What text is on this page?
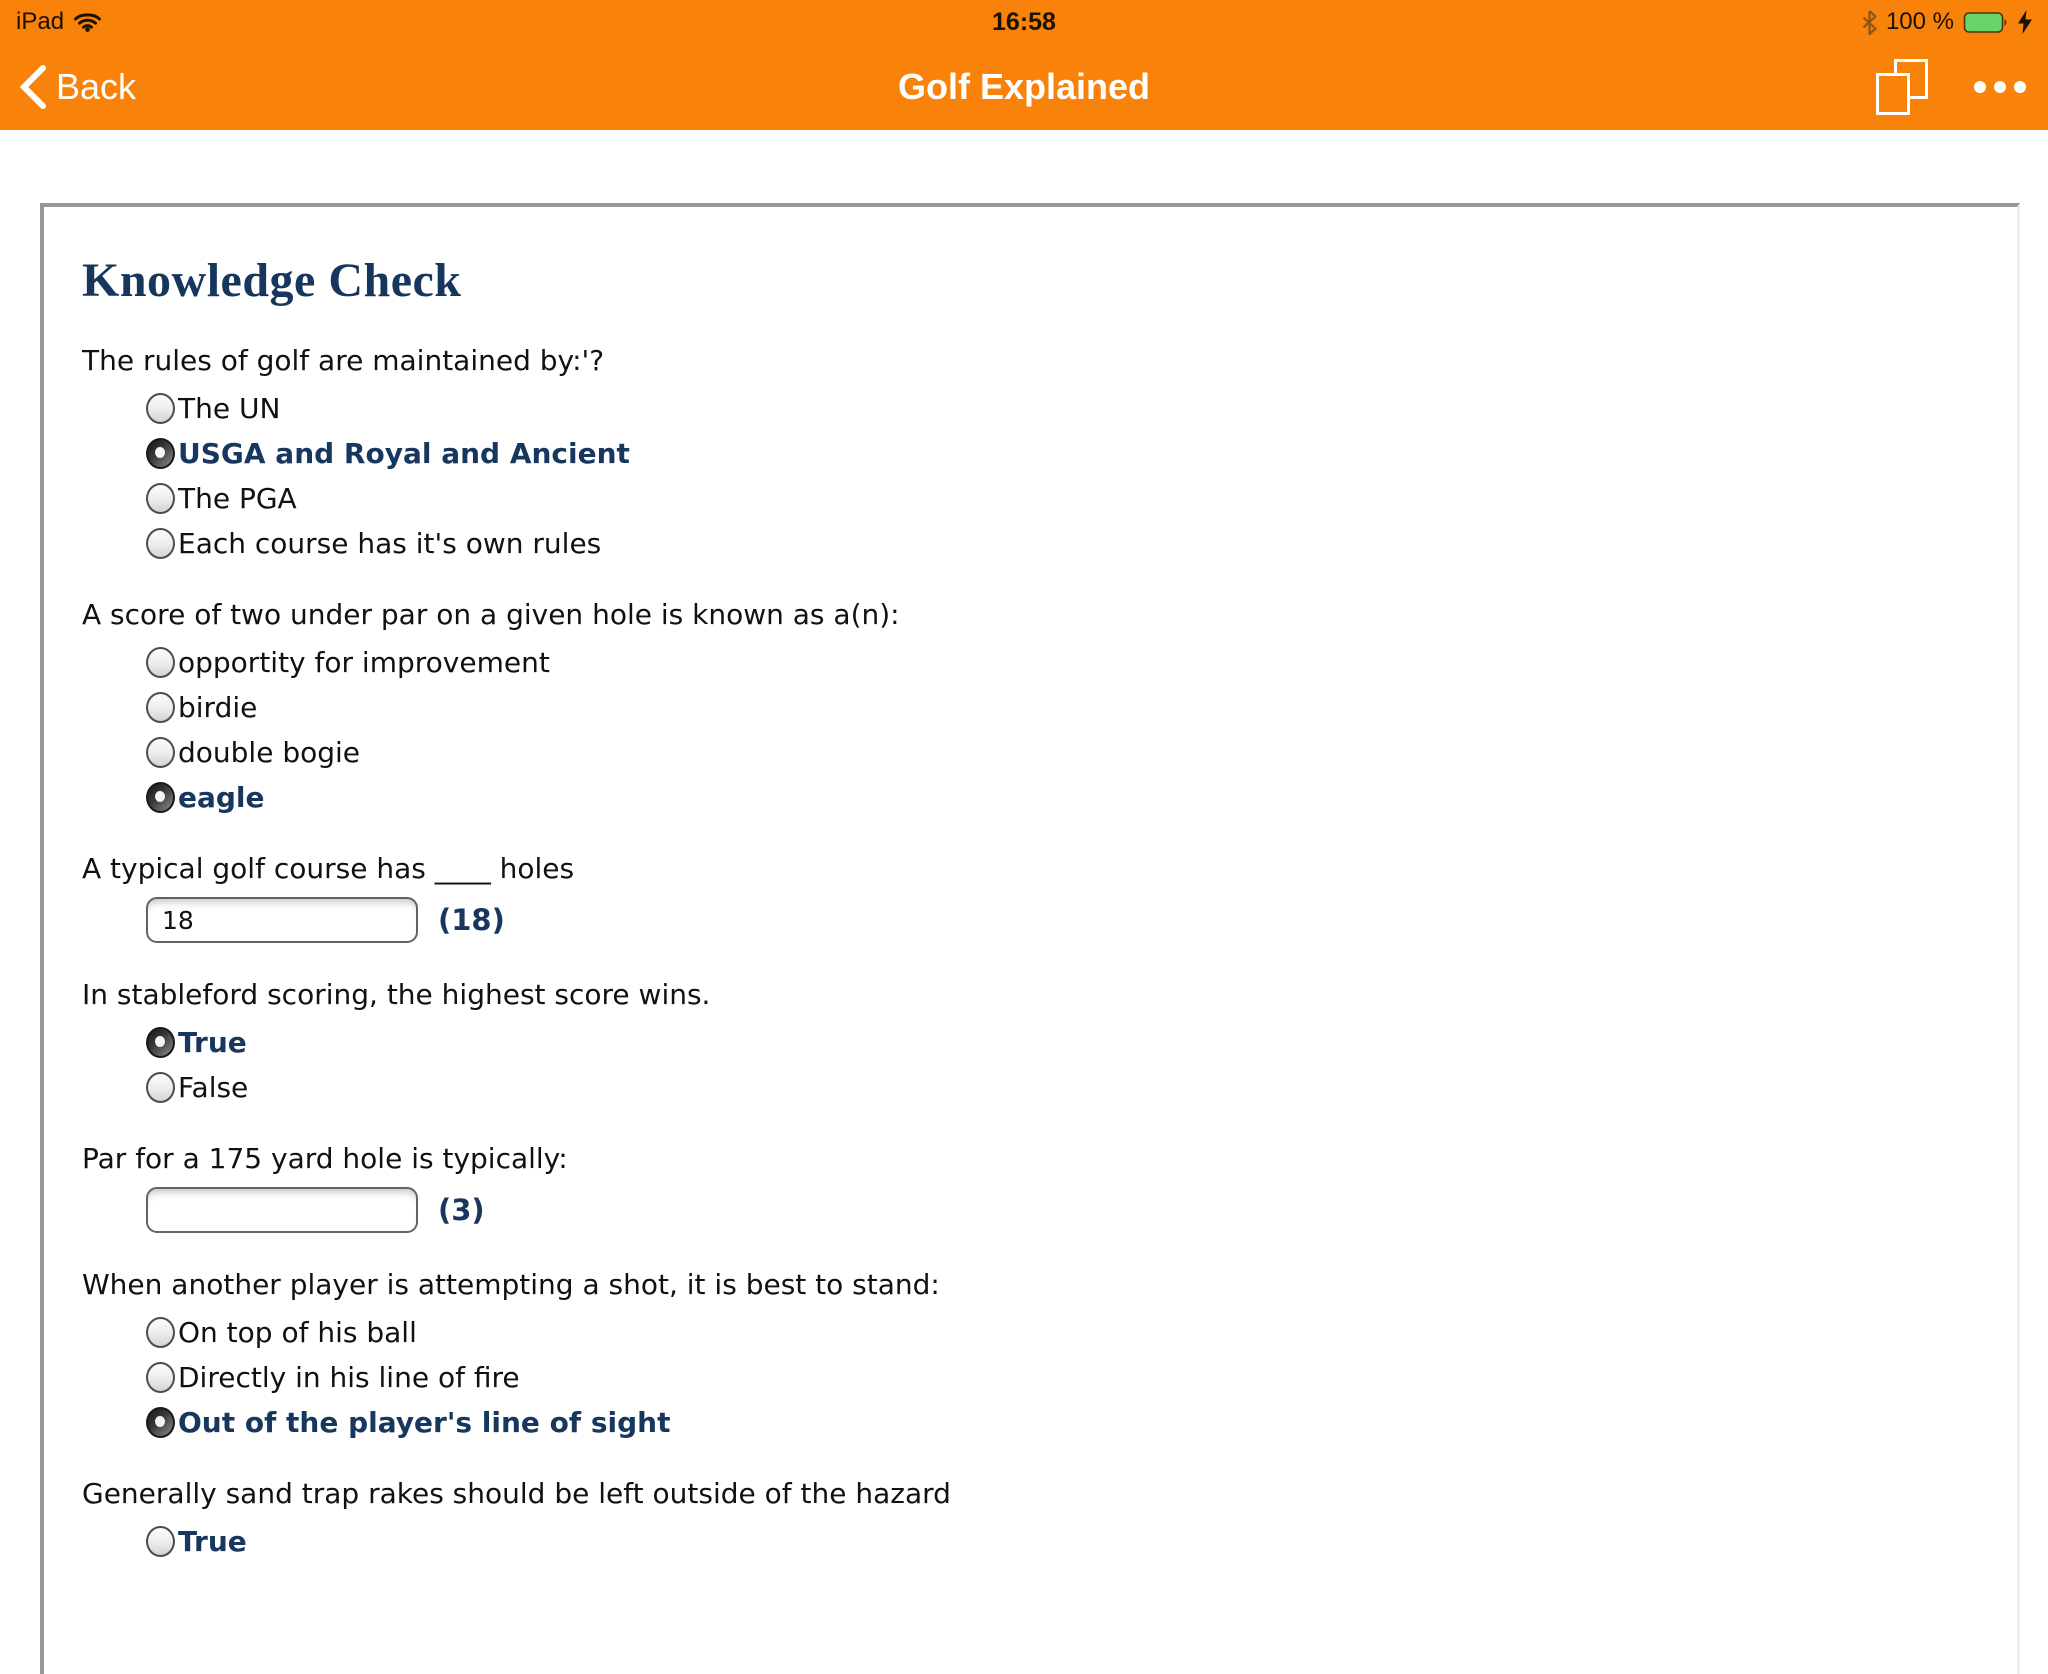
iPad	16:58	100 %
Back	Golf Explained
Knowledge Check
The rules of golf are maintained by:'?
The UN
USGA and Royal and Ancient
The PGA
Each course has it's own rules
A score of two under par on a given hole is known as a(n):
opportity for improvement
birdie
double bogie
eagle
A typical golf course has ____ holes
18
(18)
In stableford scoring, the highest score wins.
True
False
Par for a 175 yard hole is typically:
(3)
When another player is attempting a shot, it is best to stand:
On top of his ball
Directly in his line of fire
Out of the player's line of sight
Generally sand trap rakes should be left outside of the hazard
True
